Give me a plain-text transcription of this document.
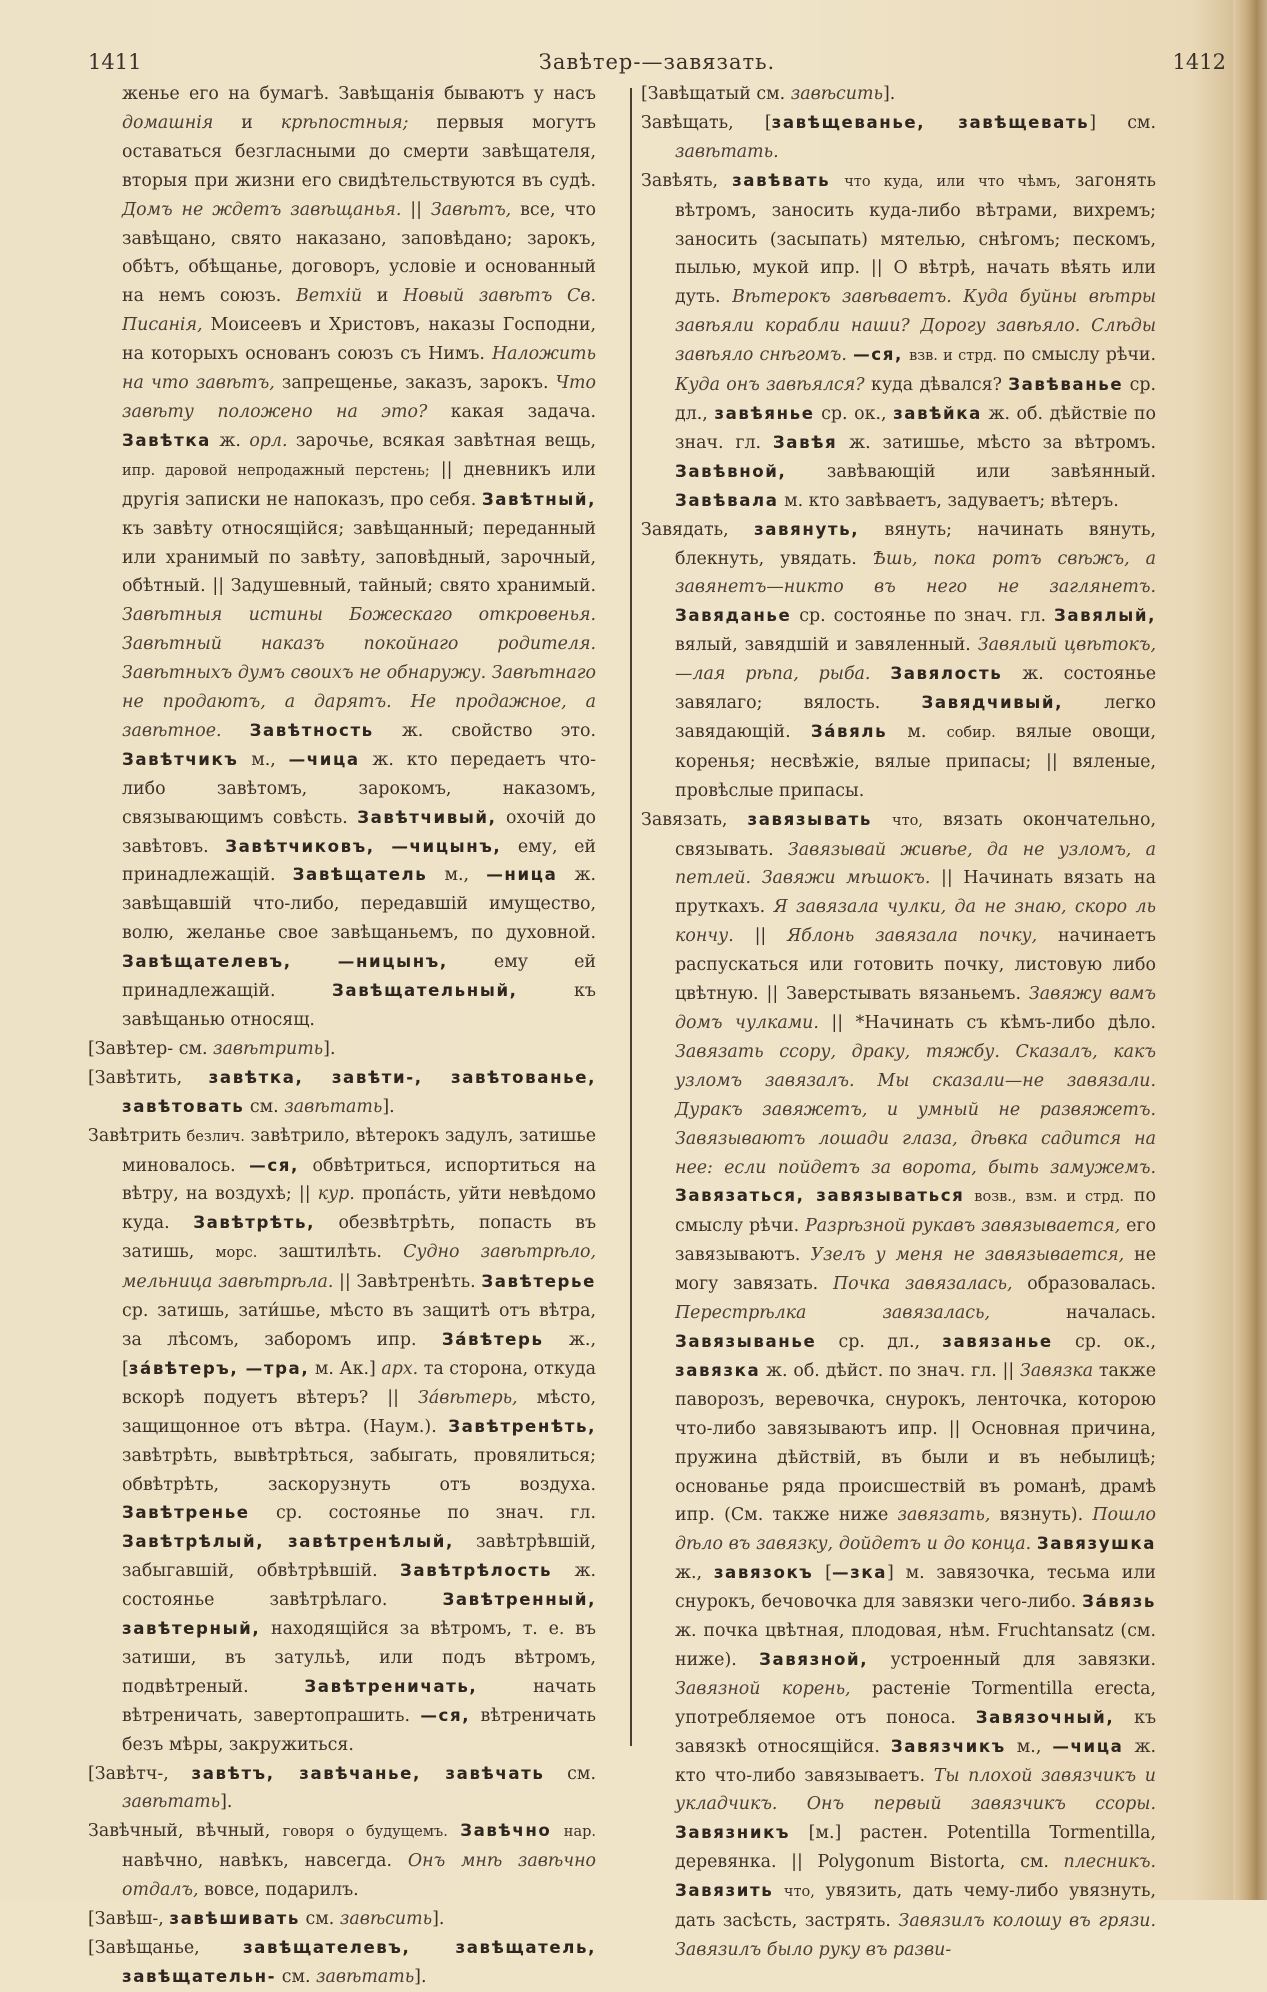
1411	Завѣтер-—завязать.	1412

женье его на бумагѣ. Завѣщанія бываютъ у насъ домашнія и крѣпостныя; первыя могутъ оставаться безгласными до смерти завѣщателя, вторыя при жизни его свидѣтельствуются въ судѣ. Домъ не ждетъ завѣщанья. || Завѣтъ, все, что завѣщано, свято наказано, заповѣдано; зарокъ, обѣтъ, обѣщанье, договоръ, условіе и основанный на немъ союзъ. Ветхій и Новый завѣтъ Св. Писанія, Моисеевъ и Христовъ, наказы Господни, на которыхъ основанъ союзъ съ Нимъ. Наложить на что завѣтъ, запрещенье, заказъ, зарокъ. Что завѣту положено на это? какая задача. Завѣтка ж. орл. зарочье, всякая завѣтная вещь, ипр. даровой непродажный перстень; || дневникъ или другія записки не напоказъ, про себя. Завѣтный, къ завѣту относящійся; завѣщанный; переданный или хранимый по завѣту, заповѣдный, зарочный, обѣтный. || Задушевный, тайный; свято хранимый. Завѣтныя истины Божескаго откровенья. Завѣтный наказъ покойнаго родителя. Завѣтныхъ думъ своихъ не обнаружу. Завѣтнаго не продаютъ, а дарятъ. Не продажное, а завѣтное. Завѣтность ж. свойство это. Завѣтчикъ м., —чица ж. кто передаетъ что-либо завѣтомъ, зарокомъ, наказомъ, связывающимъ совѣсть. Завѣтчивый, охочій до завѣтовъ. Завѣтчиковъ, —чицынъ, ему, ей принадлежащій. Завѣщатель м., —ница ж. завѣщавшій что-либо, передавшій имущество, волю, желанье свое завѣщаньемъ, по духовной. Завѣщателевъ,	—ницынъ, ему ей принадлежащій. Завѣщательный, къ завѣщанью относящ.

[Завѣтер- см. завѣтрить].

[Завѣтить, завѣтка, завѣти-, завѣтованье, завѣтовать см. завѣтать].

Завѣтрить безлич. завѣтрило, вѣтерокъ задулъ, затишье миновалось. —ся, обвѣтриться, испортиться на вѣтру, на воздухѣ; || кур. пропа́сть, уйти невѣдомо куда. Завѣтрѣть, обезвѣтрѣть, попасть въ затишь, морс. заштилѣть. Судно завѣтрѣло, мельница завѣтрѣла. || Завѣтренѣть. Завѣтерье ср. затишь, зати́шье, мѣсто въ защитѣ отъ вѣтра, за лѣсомъ, заборомъ ипр. За́вѣтерь ж., [за́вѣтеръ, —тра, м. Ак.] арх. та сторона, откуда вскорѣ подуетъ вѣтеръ? || За́вѣтерь, мѣсто, защищонное отъ вѣтра. (Наум.). Завѣтренѣть, завѣтрѣть, вывѣтрѣться, забыгать, провялиться; обвѣтрѣть, заскорузнуть отъ воздуха. Завѣтренье ср. состоянье по знач. гл. Завѣтрѣлый, завѣтренѣлый, завѣтрѣвшій, забыгавшій, обвѣтрѣвшій. Завѣтрѣлость ж. состоянье завѣтрѣлаго. Завѣтренный, завѣтерный, находящійся за вѣтромъ, т. е. въ затиши, въ затульѣ, или подъ вѣтромъ, подвѣтреный. Завѣтреничать, начать вѣтреничать, завертопрашить. —ся, вѣтреничать безъ мѣры, закружиться.

[Завѣтч-, завѣтъ, завѣчанье, завѣчать см. завѣтать].

Завѣчный, вѣчный, говоря о будущемъ. Завѣчно нар. навѣчно, навѣкъ, навсегда. Онъ мнѣ завѣчно отдалъ, вовсе, подарилъ.

[Завѣш-, завѣшивать см. завѣсить].

[Завѣщанье, завѣщателевъ, завѣщатель, завѣщательн- см. завѣтать].

[Завѣщатый см. завѣсить].

Завѣщать, [завѣщеванье, завѣщевать] см. завѣтать.

Завѣять, завѣвать что куда, или что чѣмъ, загонять вѣтромъ, заносить куда-либо вѣтрами, вихремъ; заносить (засыпать) мятелью, снѣгомъ; пескомъ, пылью, мукой ипр. || О вѣтрѣ, начать вѣять или дуть. Вѣтерокъ завѣваетъ. Куда буйны вѣтры завѣяли корабли наши? Дорогу завѣяло. Слѣды завѣяло снѣгомъ. —ся, взв. и стрд. по смыслу рѣчи. Куда онъ завѣялся? куда дѣвался? Завѣванье ср. дл., завѣянье ср. ок., завѣйка ж. об. дѣйствіе по знач. гл. Завѣя ж. затишье, мѣсто за вѣтромъ. Завѣвной, завѣвающій или завѣянный. Завѣвала м. кто завѣваетъ, задуваетъ; вѣтеръ.

Завядать, завянуть, вянуть; начинать вянуть, блекнуть, увядать. Ѣшь, пока ротъ свѣжъ, а завянетъ—никто въ него не заглянетъ. Завяданье ср. состоянье по знач. гл. Завялый, вялый, завядшій и завяленный. Завялый цвѣтокъ, —лая рѣпа, рыба. Завялость ж. состоянье завялаго; вялость. Завядчивый, легко завядающій. За́вяль м. собир. вялые овощи, коренья; несвѣжіе, вялые припасы; || вяленые, провѣслые припасы.

Завязать, завязывать что, вязать окончательно, связывать. Завязывай живѣе, да не узломъ, а петлей. Завяжи мѣшокъ. || Начинать вязать на пруткахъ. Я завязала чулки, да не знаю, скоро ль кончу. || Яблонь завязала почку, начинаетъ распускаться или готовить почку, листовую либо цвѣтную. || Заверстывать вязаньемъ. Завяжу вамъ домъ чулками. || *Начинать съ кѣмъ-либо дѣло. Завязать ссору, драку, тяжбу. Сказалъ, какъ узломъ завязалъ. Мы сказали—не завязали. Дуракъ завяжетъ, и умный не развяжетъ. Завязываютъ лошади глаза, дѣвка садится на нее: если пойдетъ за ворота, быть замужемъ. Завязаться, завязываться возв., взм. и стрд. по смыслу рѣчи. Разрѣзной рукавъ завязывается, его завязываютъ. Узелъ у меня не завязывается, не могу завязать. Почка завязалась, образовалась. Перестрѣлка завязалась, началась. Завязыванье ср. дл., завязанье ср. ок., завязка ж. об. дѣйст. по знач. гл. || Завязка также паворозъ, веревочка, снурокъ, ленточка, которою что-либо завязываютъ ипр. || Основная причина, пружина дѣйствій, въ были и въ небылицѣ; основанье ряда происшествій въ романѣ, драмѣ ипр. (См. также ниже завязать, вязнуть). Пошло дѣло въ завязку, дойдетъ и до конца. Завязушка ж., завязокъ [—зка] м. завязочка, тесьма или снурокъ, бечовочка для завязки чего-либо. За́вязь ж. почка цвѣтная, плодовая, нѣм. Fruchtansatz (см. ниже). Завязной, устроенный для завязки. Завязной корень, растеніе Tormentilla erecta, употребляемое отъ поноса. Завязочный, къ завязкѣ относящійся. Завязчикъ м., —чица ж. кто что-либо завязываетъ. Ты плохой завязчикъ и укладчикъ. Онъ первый завязчикъ ссоры. Завязникъ [м.] растен. Potentilla Tormentilla, деревянка. || Polygonum Bistorta, см. плесникъ. Завязить что, увязить, дать чему-либо увязнуть, дать засѣсть, застрять. Завязилъ колошу въ грязи. Завязилъ было руку въ разви-
